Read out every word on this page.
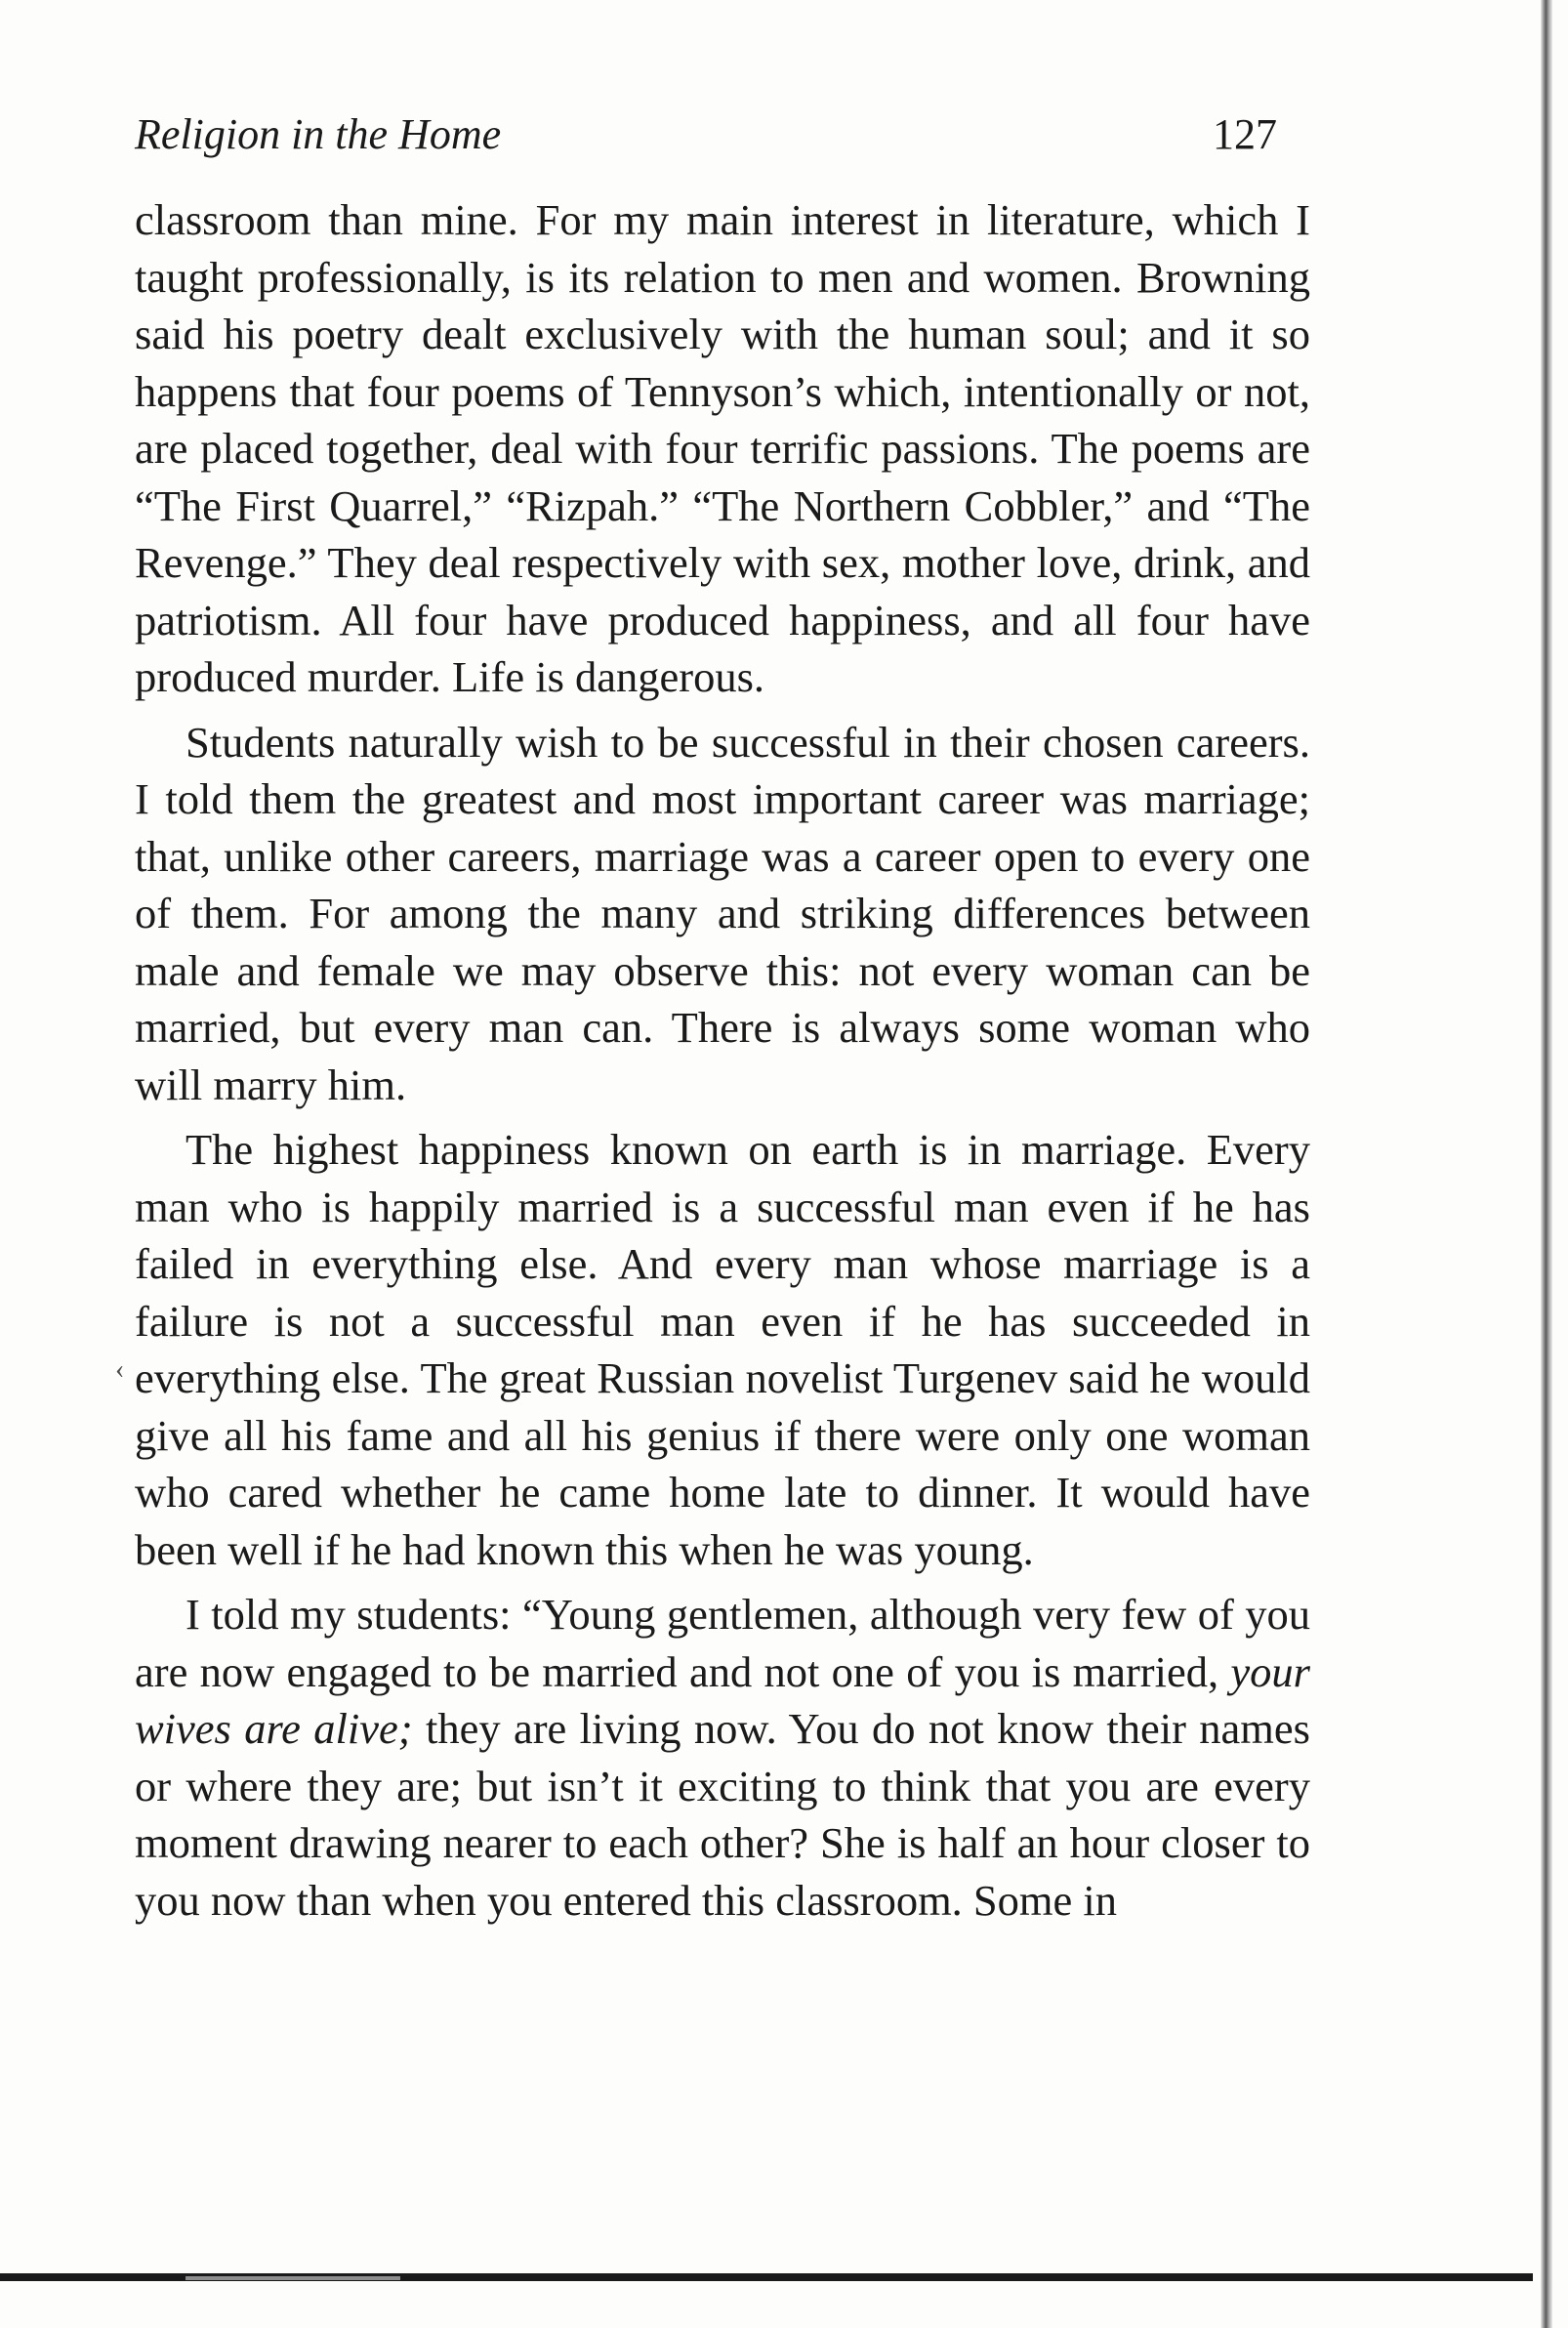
Religion in the Home	127

classroom than mine. For my main interest in literature, which I taught professionally, is its relation to men and women. Browning said his poetry dealt exclusively with the human soul; and it so happens that four poems of Tennyson’s which, intentionally or not, are placed together, deal with four terrific passions. The poems are “The First Quarrel,” “Rizpah.” “The Northern Cobbler,” and “The Revenge.” They deal respectively with sex, mother love, drink, and patriotism. All four have produced happiness, and all four have produced murder. Life is dangerous.

Students naturally wish to be successful in their chosen careers. I told them the greatest and most important career was marriage; that, unlike other careers, marriage was a career open to every one of them. For among the many and striking differences between male and female we may observe this: not every woman can be married, but every man can. There is always some woman who will marry him.

The highest happiness known on earth is in marriage. Every man who is happily married is a successful man even if he has failed in everything else. And every man whose marriage is a failure is not a successful man even if he has succeeded in everything else. The great Russian novelist Turgenev said he would give all his fame and all his genius if there were only one woman who cared whether he came home late to dinner. It would have been well if he had known this when he was young.

I told my students: “Young gentlemen, although very few of you are now engaged to be married and not one of you is married, your wives are alive; they are living now. You do not know their names or where they are; but isn’t it exciting to think that you are every moment drawing nearer to each other? She is half an hour closer to you now than when you entered this classroom. Some in

‹
